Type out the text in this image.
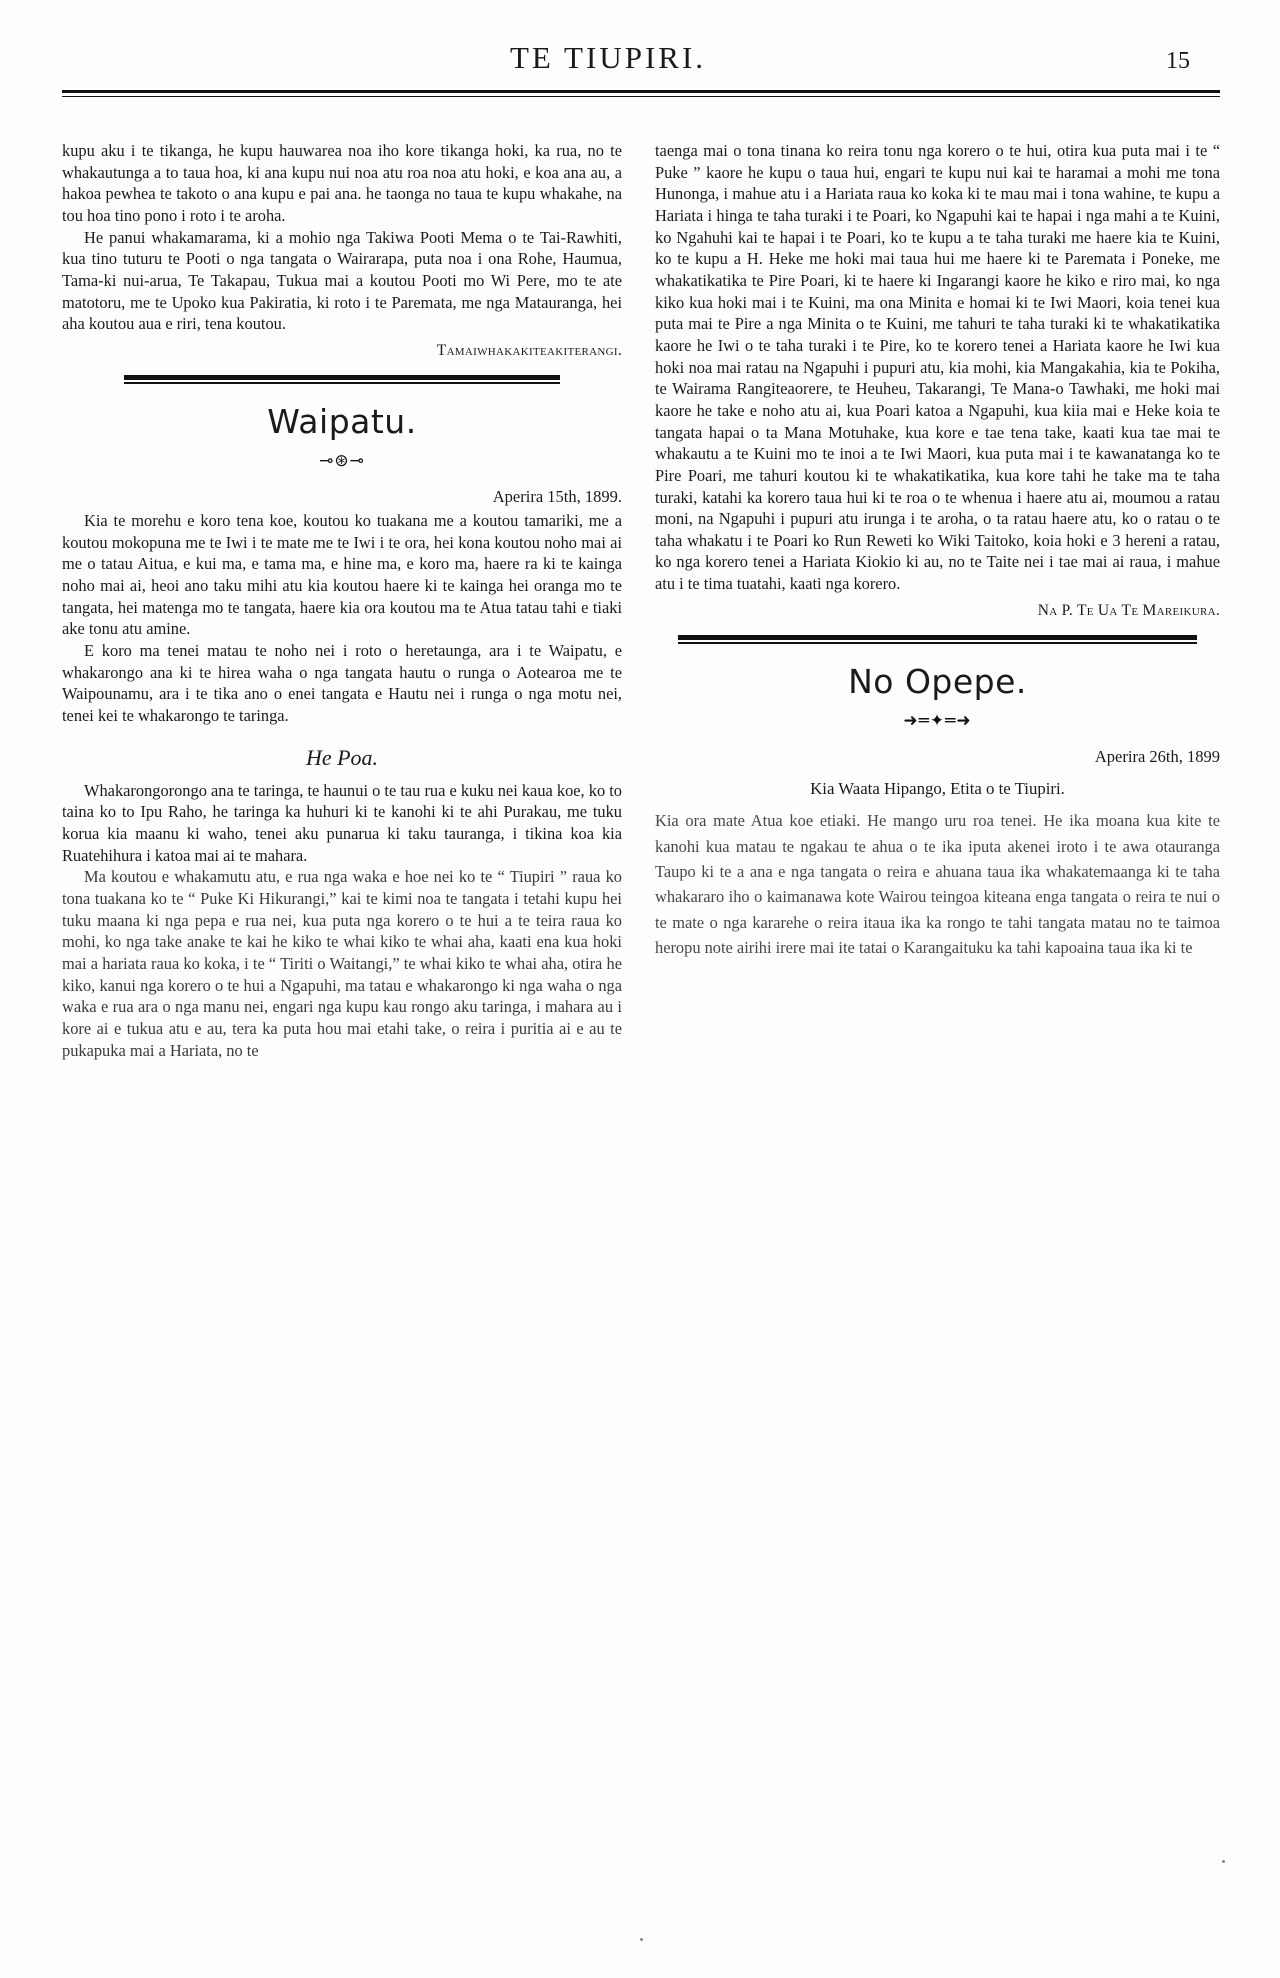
TE TIUPIRI.	15

kupu aku i te tikanga, he kupu hauwarea noa iho kore tikanga hoki, ka rua, no te whakautunga a to taua hoa, ki ana kupu nui noa atu roa noa atu hoki, e koa ana au, a hakoa pewhea te takoto o ana kupu e pai ana. he taonga no taua te kupu whakahe, na tou hoa tino pono i roto i te aroha.

He panui whakamarama, ki a mohio nga Takiwa Pooti Mema o te Tai-Rawhiti, kua tino tuturu te Pooti o nga tangata o Wairarapa, puta noa i ona Rohe, Haumua, Tama-ki nui-arua, Te Takapau, Tukua mai a koutou Pooti mo Wi Pere, mo te ate matotoru, me te Upoko kua Pakiratia, ki roto i te Paremata, me nga Matauranga, hei aha koutou aua e riri, tena koutou.

Tamaiwhakakiteakiterangi.
Waipatu.
⊸⊛⊸
Aperira 15th, 1899.

Kia te morehu e koro tena koe, koutou ko tuakana me a koutou tamariki, me a koutou mokopuna me te Iwi i te mate me te Iwi i te ora, hei kona koutou noho mai ai me o tatau Aitua, e kui ma, e tama ma, e hine ma, e koro ma, haere ra ki te kainga noho mai ai, heoi ano taku mihi atu kia koutou haere ki te kainga hei oranga mo te tangata, hei matenga mo te tangata, haere kia ora koutou ma te Atua tatau tahi e tiaki ake tonu atu amine.

E koro ma tenei matau te noho nei i roto o heretaunga, ara i te Waipatu, e whakarongo ana ki te hirea waha o nga tangata hautu o runga o Aotearoa me te Waipounamu, ara i te tika ano o enei tangata e Hautu nei i runga o nga motu nei, tenei kei te whakarongo te taringa.

He Poa.

Whakarongorongo ana te taringa, te haunui o te tau rua e kuku nei kaua koe, ko to taina ko to Ipu Raho, he taringa ka huhuri ki te kanohi ki te ahi Purakau, me tuku korua kia maanu ki waho, tenei aku punarua ki taku tauranga, i tikina koa kia Ruatehihura i katoa mai ai te mahara.

Ma koutou e whakamutu atu, e rua nga waka e hoe nei ko te “ Tiupiri ” raua ko tona tuakana ko te “ Puke Ki Hikurangi,” kai te kimi noa te tangata i tetahi kupu hei tuku maana ki nga pepa e rua nei, kua puta nga korero o te hui a te teira raua ko mohi, ko nga take anake te kai he kiko te whai kiko te whai aha, kaati ena kua hoki mai a hariata raua ko koka, i te “ Tiriti o Waitangi,” te whai kiko te whai aha, otira he kiko, kanui nga korero o te hui a Ngapuhi, ma tatau e whakarongo ki nga waha o nga waka e rua ara o nga manu nei, engari nga kupu kau rongo aku taringa, i mahara au i kore ai e tukua atu e au, tera ka puta hou mai etahi take, o reira i puritia ai e au te pukapuka mai a Hariata, no te

taenga mai o tona tinana ko reira tonu nga korero o te hui, otira kua puta mai i te “ Puke ” kaore he kupu o taua hui, engari te kupu nui kai te haramai a mohi me tona Hunonga, i mahue atu i a Hariata raua ko koka ki te mau mai i tona wahine, te kupu a Hariata i hinga te taha turaki i te Poari, ko Ngapuhi kai te hapai i nga mahi a te Kuini, ko Ngahuhi kai te hapai i te Poari, ko te kupu a te taha turaki me haere kia te Kuini, ko te kupu a H. Heke me hoki mai taua hui me haere ki te Paremata i Poneke, me whakatikatika te Pire Poari, ki te haere ki Ingarangi kaore he kiko e riro mai, ko nga kiko kua hoki mai i te Kuini, ma ona Minita e homai ki te Iwi Maori, koia tenei kua puta mai te Pire a nga Minita o te Kuini, me tahuri te taha turaki ki te whakatikatika kaore he Iwi o te taha turaki i te Pire, ko te korero tenei a Hariata kaore he Iwi kua hoki noa mai ratau na Ngapuhi i pupuri atu, kia mohi, kia Mangakahia, kia te Pokiha, te Wairama Rangiteaorere, te Heuheu, Takarangi, Te Mana-o Tawhaki, me hoki mai kaore he take e noho atu ai, kua Poari katoa a Ngapuhi, kua kiia mai e Heke koia te tangata hapai o ta Mana Motuhake, kua kore e tae tena take, kaati kua tae mai te whakautu a te Kuini mo te inoi a te Iwi Maori, kua puta mai i te kawanatanga ko te Pire Poari, me tahuri koutou ki te whakatikatika, kua kore tahi he take ma te taha turaki, katahi ka korero taua hui ki te roa o te whenua i haere atu ai, moumou a ratau moni, na Ngapuhi i pupuri atu irunga i te aroha, o ta ratau haere atu, ko o ratau o te taha whakatu i te Poari ko Run Reweti ko Wiki Taitoko, koia hoki e 3 hereni a ratau, ko nga korero tenei a Hariata Kiokio ki au, no te Taite nei i tae mai ai raua, i mahue atu i te tima tuatahi, kaati nga korero.

Na P. Te Ua Te Mareikura.
No Opepe.
➜═✦═➜
Aperira 26th, 1899
Kia Waata Hipango, Etita o te Tiupiri.

Kia ora mate Atua koe etiaki. He mango uru roa tenei. He ika moana kua kite te kanohi kua matau te ngakau te ahua o te ika iputa akenei iroto i te awa otauranga Taupo ki te a ana e nga tangata o reira e ahuana taua ika whakatemaanga ki te taha whakararo iho o kaimanawa kote Wairou teingoa kiteana enga tangata o reira te nui o te mate o nga kararehe o reira itaua ika ka rongo te tahi tangata matau no te taimoa heropu note airihi irere mai ite tatai o Karangaituku ka tahi kapoaina taua ika ki te
